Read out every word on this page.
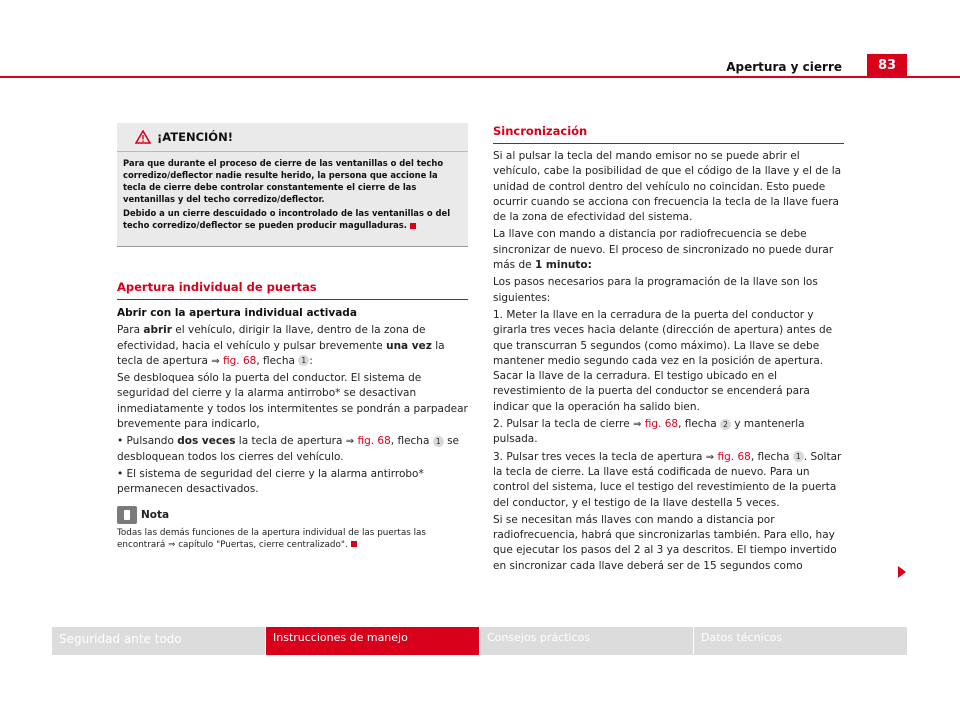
Apertura y cierre	83
¡ATENCIÓN!

Para que durante el proceso de cierre de las ventanillas o del techo corredizo/deflector nadie resulte herido, la persona que accione la tecla de cierre debe controlar constantemente el cierre de las ventanillas y del techo corredizo/deflector.

Debido a un cierre descuidado o incontrolado de las ventanillas o del techo corredizo/deflector se pueden producir magulladuras.

Apertura individual de puertas

Abrir con la apertura individual activada

Para abrir el vehículo, dirigir la llave, dentro de la zona de efectividad, hacia el vehículo y pulsar brevemente una vez la tecla de apertura ⇒ fig. 68, flecha 1 :

Se desbloquea sólo la puerta del conductor. El sistema de seguridad del cierre y la alarma antirrobo* se desactivan inmediatamente y todos los intermitentes se pondrán a parpadear brevemente para indicarlo,

• Pulsando dos veces la tecla de apertura ⇒ fig. 68, flecha 1 se desbloquean todos los cierres del vehículo.

• El sistema de seguridad del cierre y la alarma antirrobo* permanecen desactivados.

Nota

Todas las demás funciones de la apertura individual de las puertas las encontrará ⇒ capítulo "Puertas, cierre centralizado".

Sincronización

Si al pulsar la tecla del mando emisor no se puede abrir el vehículo, cabe la posibilidad de que el código de la llave y el de la unidad de control dentro del vehículo no coincidan. Esto puede ocurrir cuando se acciona con frecuencia la tecla de la llave fuera de la zona de efectividad del sistema.

La llave con mando a distancia por radiofrecuencia se debe sincronizar de nuevo. El proceso de sincronizado no puede durar más de 1 minuto:

Los pasos necesarios para la programación de la llave son los siguientes:

1. Meter la llave en la cerradura de la puerta del conductor y girarla tres veces hacia delante (dirección de apertura) antes de que transcurran 5 segundos (como máximo). La llave se debe mantener medio segundo cada vez en la posición de apertura. Sacar la llave de la cerradura. El testigo ubicado en el revestimiento de la puerta del conductor se encenderá para indicar que la operación ha salido bien.

2. Pulsar la tecla de cierre ⇒ fig. 68, flecha 2 y mantenerla pulsada.

3. Pulsar tres veces la tecla de apertura ⇒ fig. 68, flecha 1 . Soltar la tecla de cierre. La llave está codificada de nuevo. Para un control del sistema, luce el testigo del revestimiento de la puerta del conductor, y el testigo de la llave destella 5 veces.

Si se necesitan más llaves con mando a distancia por radiofrecuencia, habrá que sincronizarlas también. Para ello, hay que ejecutar los pasos del 2 al 3 ya descritos. El tiempo invertido en sincronizar cada llave deberá ser de 15 segundos como

Seguridad ante todo	Instrucciones de manejo	Consejos prácticos	Datos técnicos
